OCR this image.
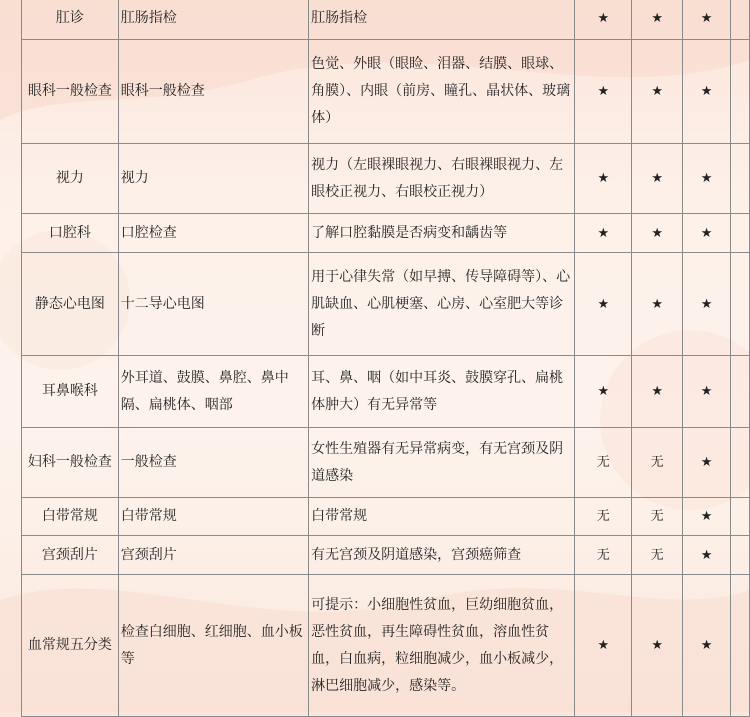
肛诊	肛肠指检	肛肠指检	★	★	★	
眼科一般检查	眼科一般检查	色觉、外眼（眼睑、泪器、结膜、眼球、角膜）、内眼（前房、瞳孔、晶状体、玻璃体）	★	★	★	
视力	视力	视力（左眼裸眼视力、右眼裸眼视力、左眼校正视力、右眼校正视力）	★	★	★	
口腔科	口腔检查	了解口腔黏膜是否病变和龋齿等	★	★	★	
静态心电图	十二导心电图	用于心律失常（如早搏、传导障碍等）、心肌缺血、心肌梗塞、心房、心室肥大等诊断	★	★	★	
耳鼻喉科	外耳道、鼓膜、鼻腔、鼻中隔、扁桃体、咽部	耳、鼻、咽（如中耳炎、鼓膜穿孔、扁桃体肿大）有无异常等	★	★	★	
妇科一般检查	一般检查	女性生殖器有无异常病变，有无宫颈及阴道感染	无	无	★	
白带常规	白带常规	白带常规	无	无	★	
宫颈刮片	宫颈刮片	有无宫颈及阴道感染，宫颈癌筛查	无	无	★	
血常规五分类	检查白细胞、红细胞、血小板等	可提示：小细胞性贫血，巨幼细胞贫血，恶性贫血，再生障碍性贫血，溶血性贫血，白血病，粒细胞减少，血小板减少，淋巴细胞减少，感染等。	★	★	★	
